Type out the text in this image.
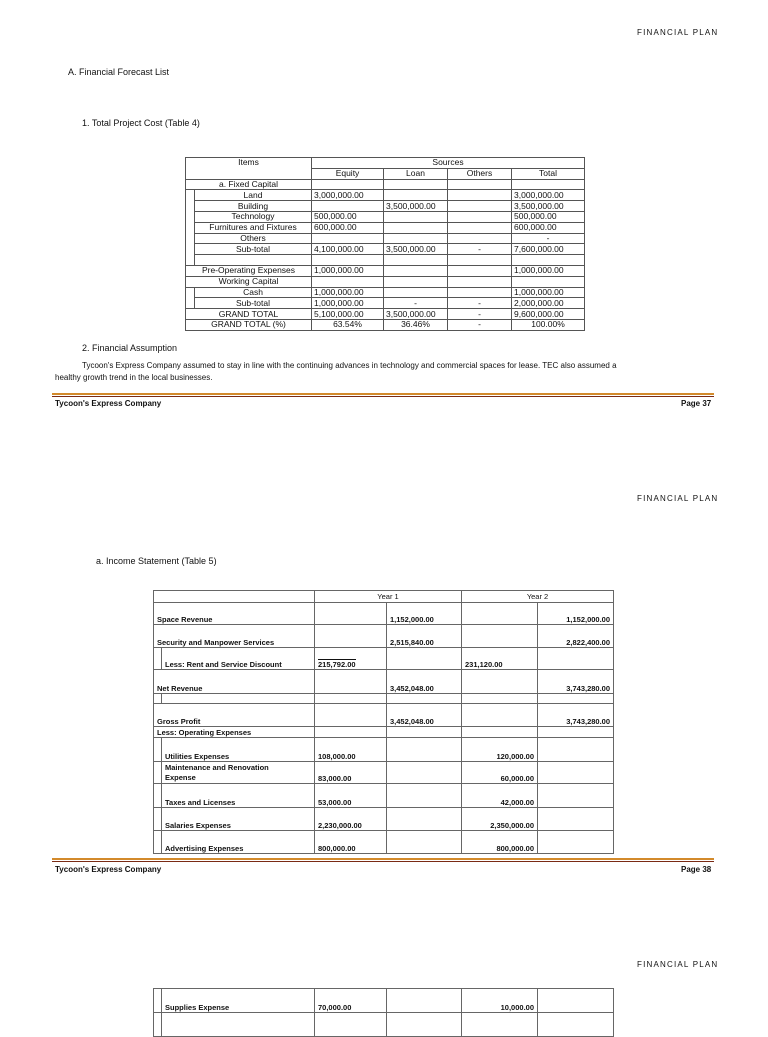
FINANCIAL PLAN
A. Financial Forecast List
1. Total Project Cost (Table 4)
Items		Sources			
		Equity	Loan	Others	Total
a. Fixed Capital					
	Land	3,000,000.00			3,000,000.00
	Building		3,500,000.00		3,500,000.00
	Technology	500,000.00			500,000.00
	Furnitures and Fixtures	600,000.00			600,000.00
	Others				-
	Sub-total	4,100,000.00	3,500,000.00	-	7,600,000.00

Pre-Operating Expenses		1,000,000.00			1,000,000.00
Working Capital					
	Cash	1,000,000.00			1,000,000.00
	Sub-total	1,000,000.00	-	-	2,000,000.00
GRAND TOTAL		5,100,000.00	3,500,000.00	-	9,600,000.00
GRAND TOTAL (%)		63.54%	36.46%	-	100.00%
2. Financial Assumption
Tycoon's Express Company assumed to stay in line with the continuing advances in technology and commercial spaces for lease. TEC also assumed a
healthy growth trend in the local businesses.
Tycoon's Express Company	Page 37
FINANCIAL PLAN
a. Income Statement (Table 5)
		Year 1		Year 2	
Space Revenue			1,152,000.00		1,152,000.00
Security and Manpower Services			2,515,840.00		2,822,400.00
	Less: Rent and Service Discount	215,792.00		231,120.00	
Net Revenue			3,452,048.00		3,743,280.00

Gross Profit			3,452,048.00		3,743,280.00
Less: Operating Expenses					
	Utilities Expenses	108,000.00		120,000.00	

	Maintenance and Renovation
Expense	83,000.00		60,000.00	
	Taxes and Licenses	53,000.00		42,000.00	
	Salaries Expenses	2,230,000.00		2,350,000.00	
	Advertising Expenses	800,000.00		800,000.00	
Tycoon's Express Company	Page 38
FINANCIAL PLAN
	Supplies Expense	70,000.00		10,000.00	
